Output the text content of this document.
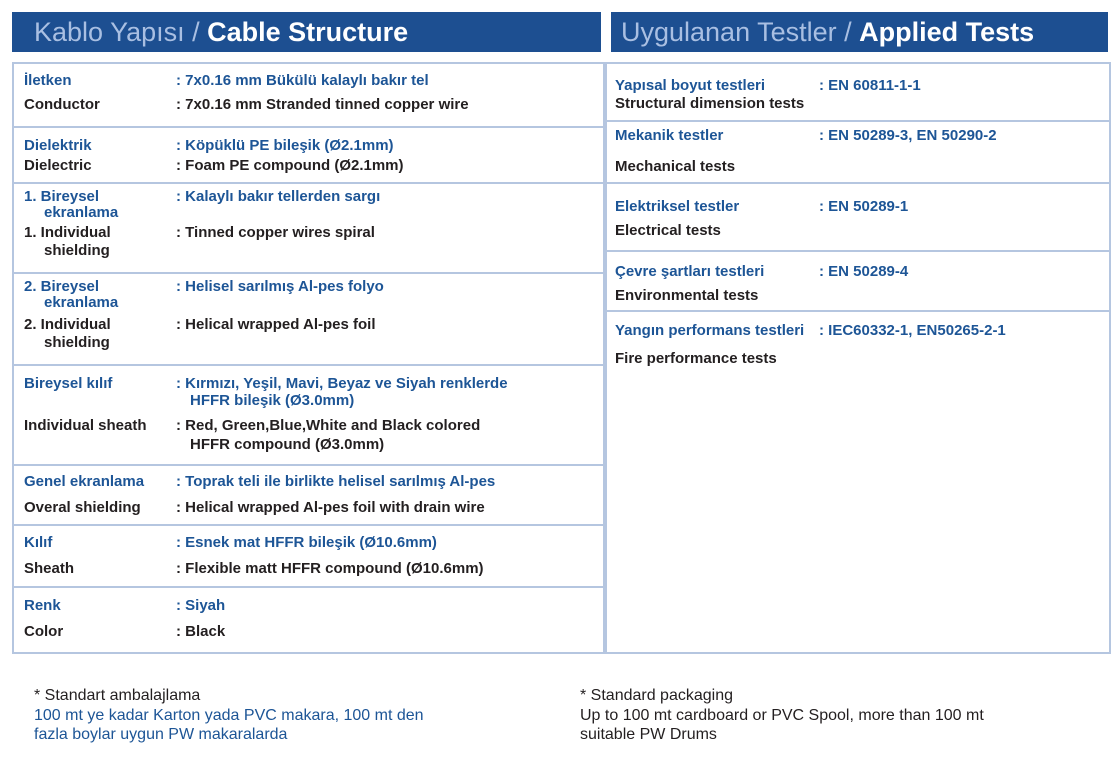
Kablo Yapısı / Cable Structure	Uygulanan Testler / Applied Tests
İletken	: 7x0.16 mm Bükülü kalaylı bakır tel
Conductor	: 7x0.16 mm Stranded tinned copper wire
Dielektrik	: Köpüklü PE bileşik (Ø2.1mm)
Dielectric	: Foam PE compound (Ø2.1mm)
1. Bireysel	: Kalaylı bakır tellerden sargı
ekranlama
1. Individual	: Tinned copper wires spiral
shielding
2. Bireysel	: Helisel sarılmış Al-pes folyo
ekranlama
2. Individual	: Helical wrapped Al-pes foil
shielding
Bireysel kılıf	: Kırmızı, Yeşil, Mavi, Beyaz ve Siyah renklerde
HFFR bileşik (Ø3.0mm)
Individual sheath : Red, Green,Blue,White and Black colored
HFFR compound (Ø3.0mm)
Genel ekranlama : Toprak teli ile birlikte helisel sarılmış Al-pes
Overal shielding : Helical wrapped Al-pes foil with drain wire
Kılıf	: Esnek mat HFFR bileşik (Ø10.6mm)
Sheath	: Flexible matt HFFR compound (Ø10.6mm)
Renk	: Siyah
Color	: Black
Yapısal boyut testleri	: EN 60811-1-1
Structural dimension tests
Mekanik testler	: EN 50289-3, EN 50290-2
Mechanical tests
Elektriksel testler	: EN 50289-1
Electrical tests
Çevre şartları testleri	: EN 50289-4
Environmental tests
Yangın performans testleri : IEC60332-1, EN50265-2-1
Fire performance tests
* Standart ambalajlama
100 mt ye kadar Karton yada PVC makara, 100 mt den
fazla boylar uygun PW makaralarda
* Standard packaging
Up to 100 mt cardboard or PVC Spool, more than 100 mt
suitable PW Drums
